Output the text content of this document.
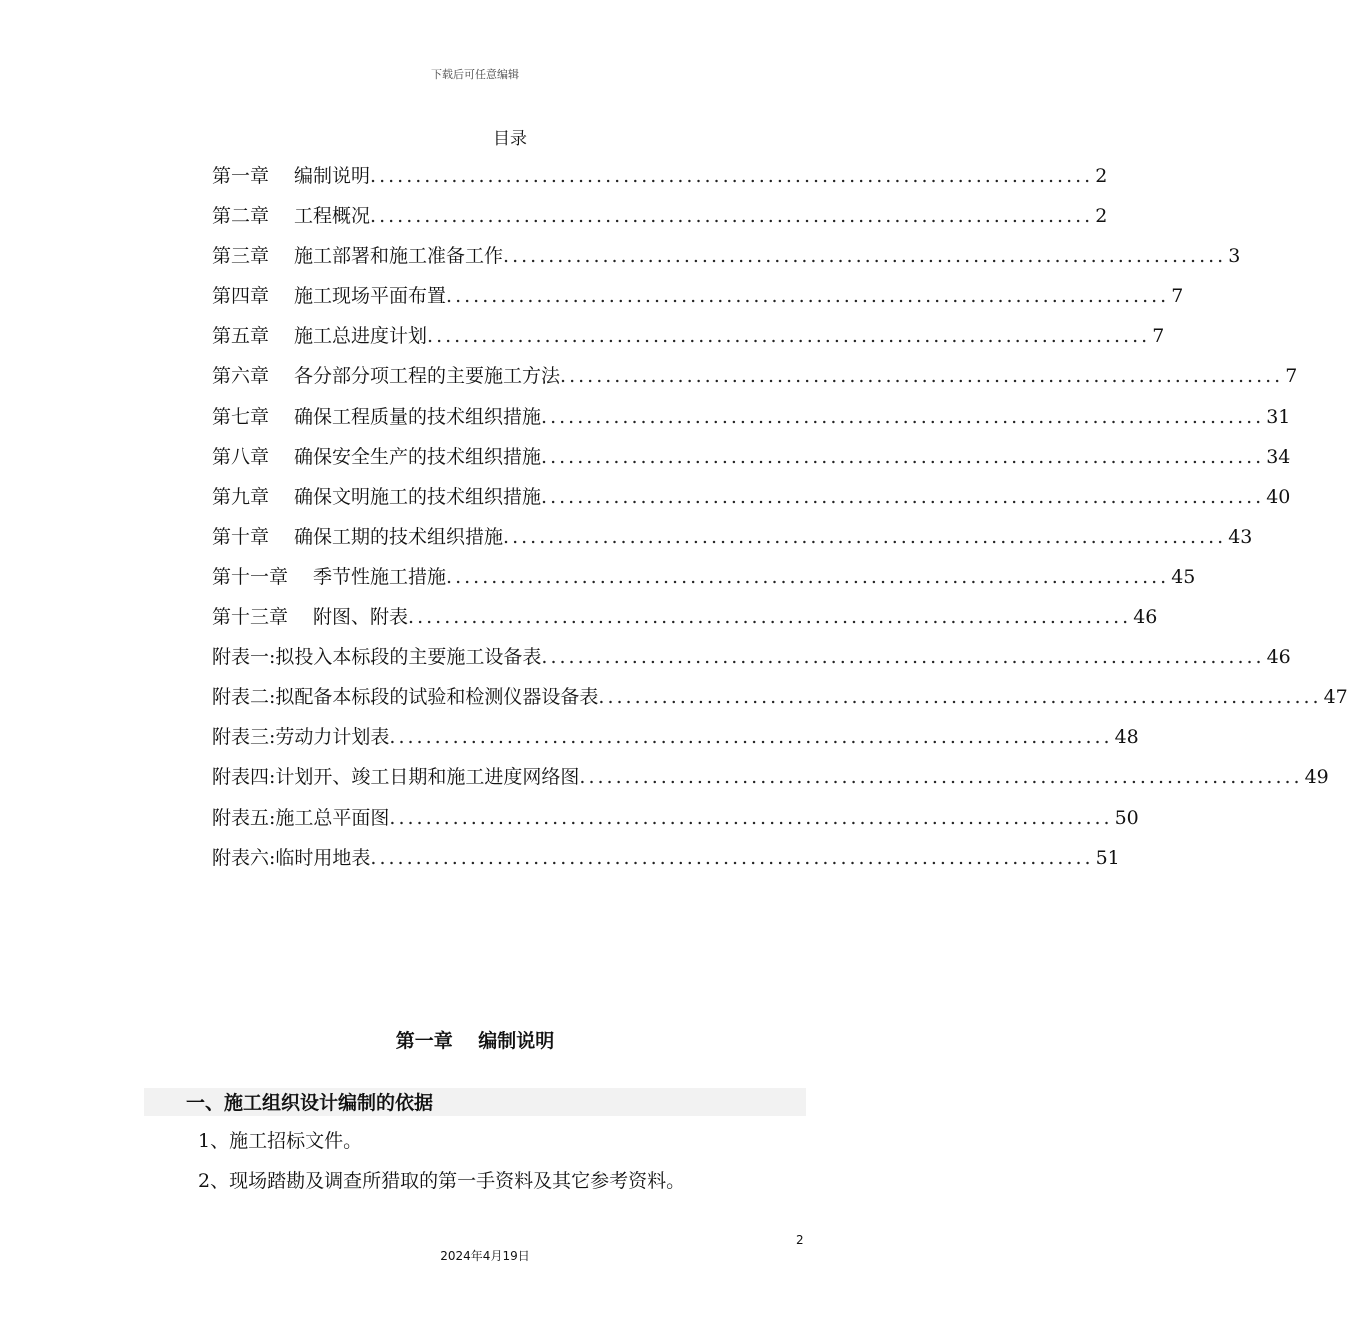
下载后可任意编辑
目录
第一章　 编制说明 ................................................................................ 2
第二章　 工程概况 ................................................................................ 2
第三章　 施工部署和施工准备工作 ................................................................................ 3
第四章　 施工现场平面布置 ................................................................................ 7
第五章　 施工总进度计划 ................................................................................ 7
第六章　 各分部分项工程的主要施工方法 ................................................................................ 7
第七章　 确保工程质量的技术组织措施 ................................................................................ 31
第八章　 确保安全生产的技术组织措施 ................................................................................ 34
第九章　 确保文明施工的技术组织措施 ................................................................................ 40
第十章　 确保工期的技术组织措施 ................................................................................ 43
第十一章　 季节性施工措施 ................................................................................ 45
第十三章　 附图、附表 ................................................................................ 46
附表一:拟投入本标段的主要施工设备表 ................................................................................ 46
附表二:拟配备本标段的试验和检测仪器设备表 ................................................................................ 47
附表三:劳动力计划表 ................................................................................ 48
附表四:计划开、竣工日期和施工进度网络图 ................................................................................ 49
附表五:施工总平面图 ................................................................................ 50
附表六:临时用地表 ................................................................................ 51
第一章　 编制说明
一、施工组织设计编制的依据
1、施工招标文件。
2、现场踏勘及调查所猎取的第一手资料及其它参考资料。
2
2024年4月19日
